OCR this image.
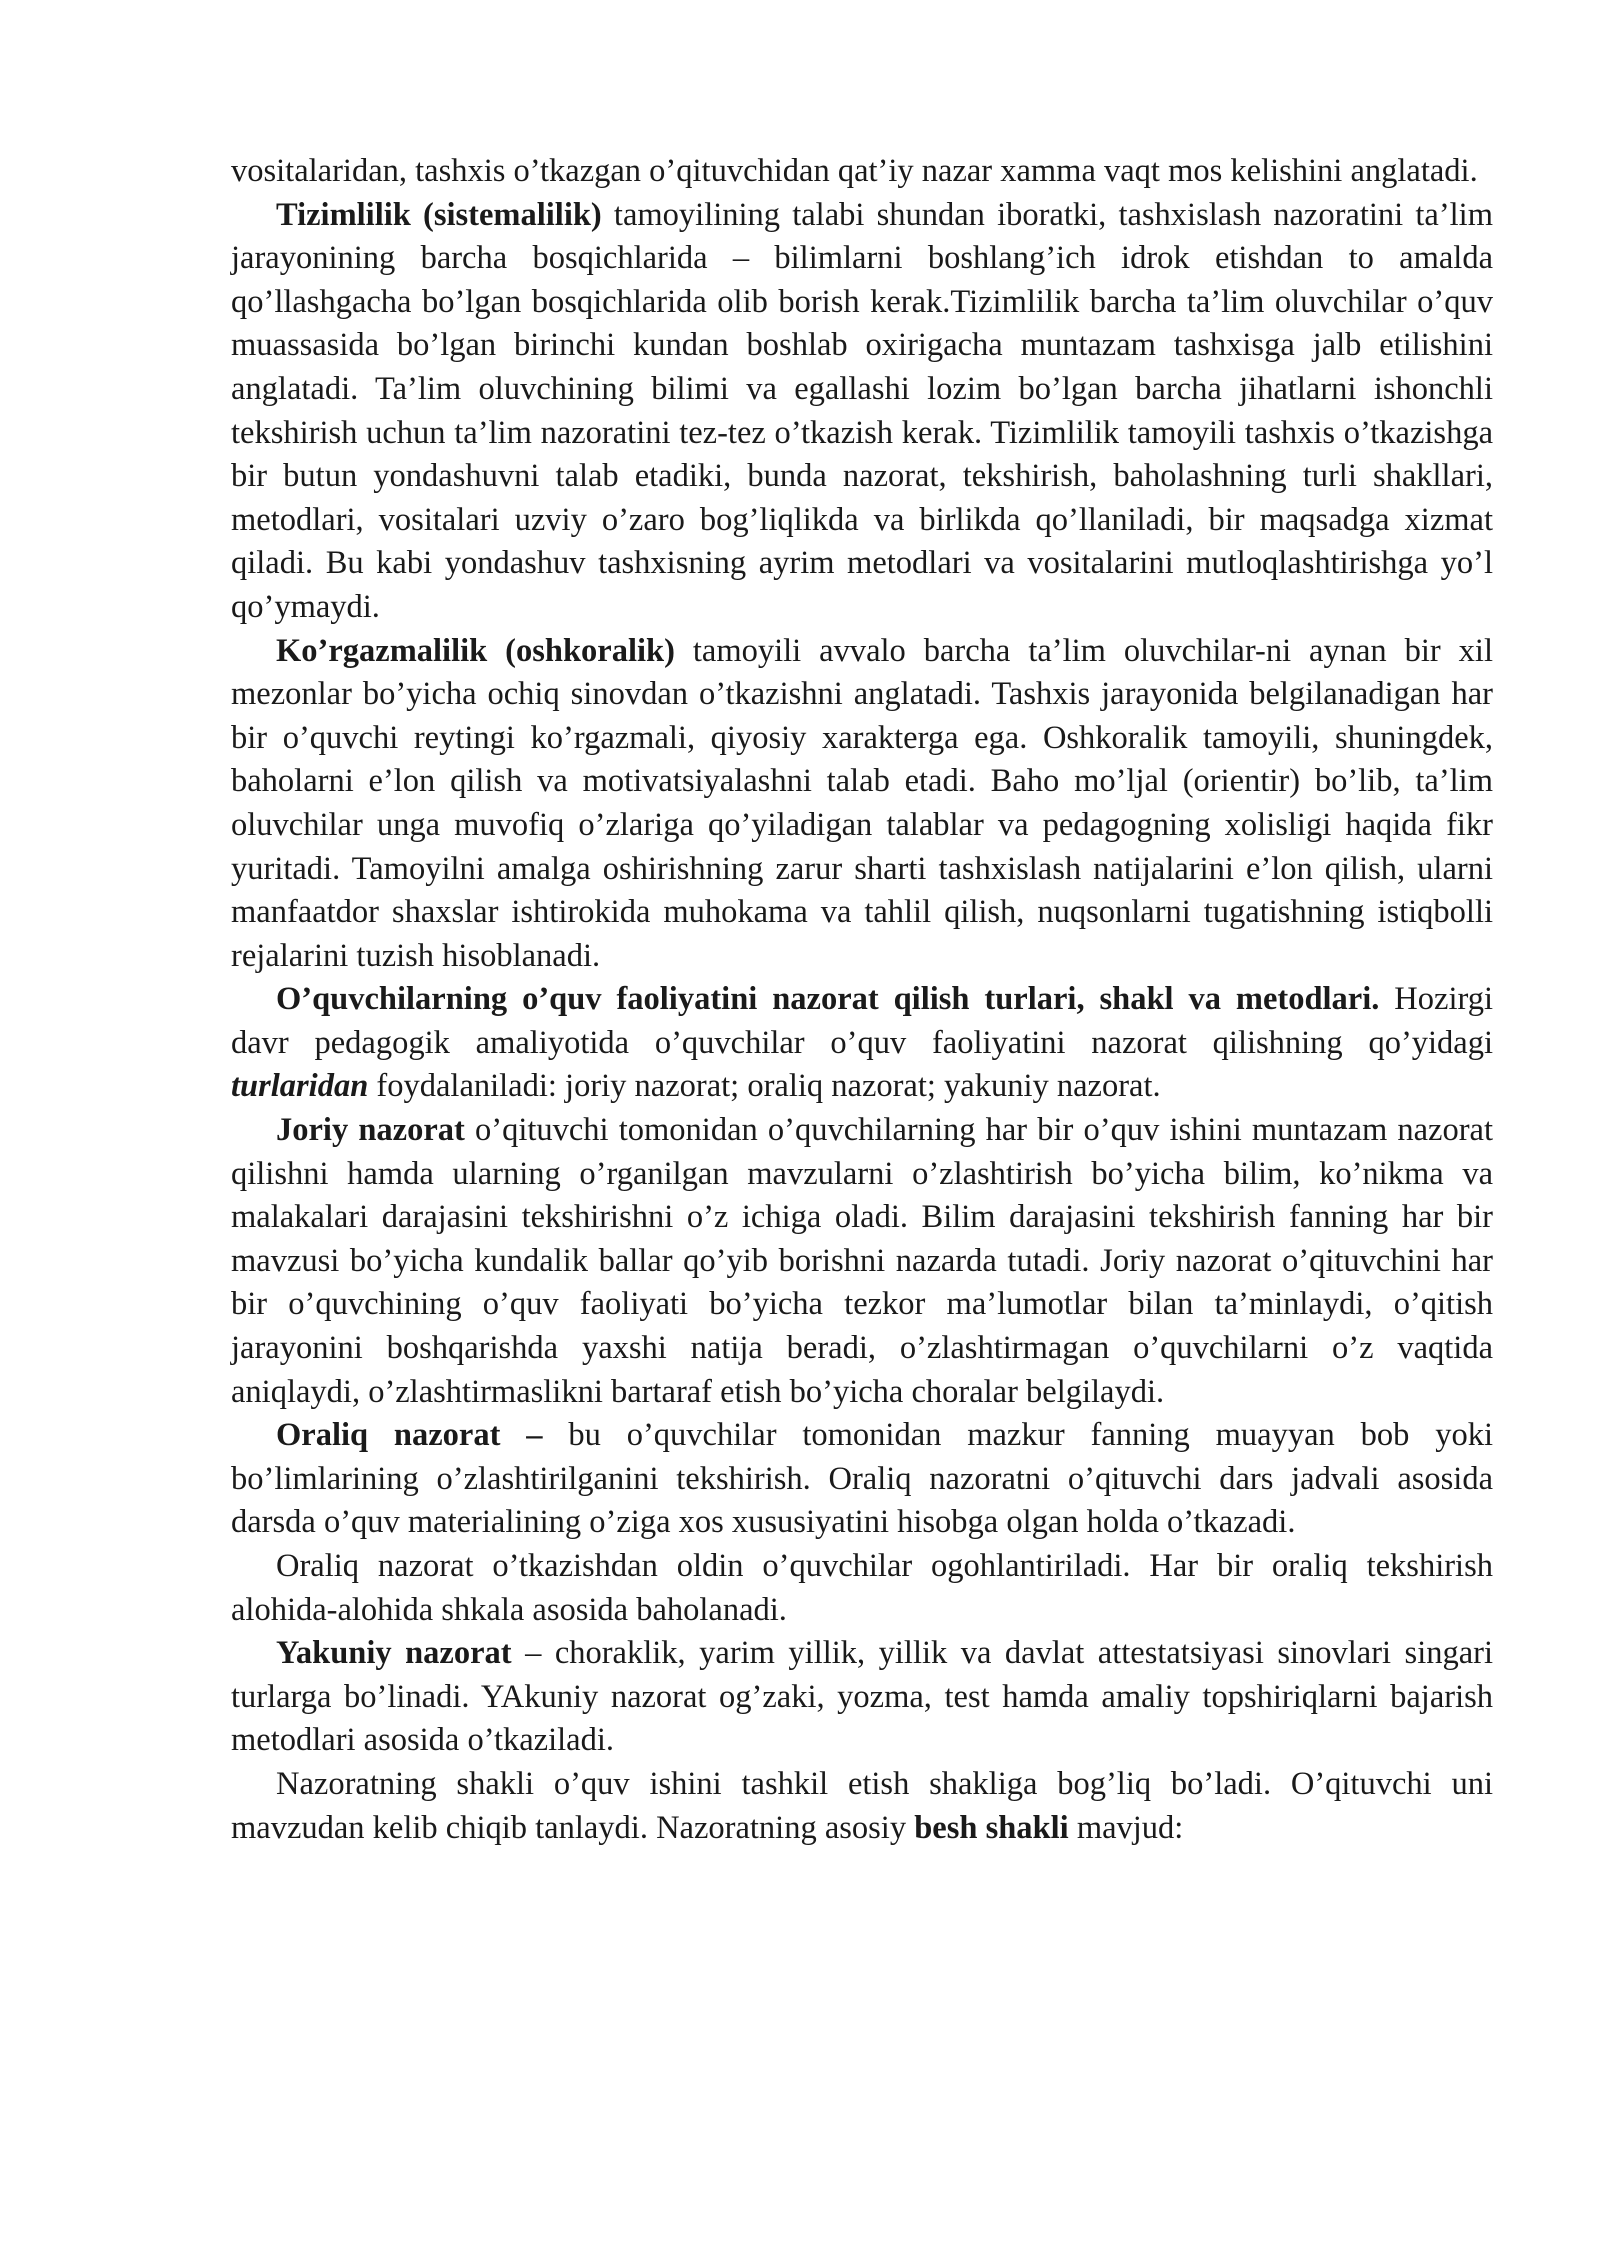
vositalaridan, tashxis o’tkazgan o’qituvchidan qat’iy nazar xamma vaqt mos kelishini anglatadi.

Tizimlilik (sistemalilik) tamoyilining talabi shundan iboratki, tashxislash nazoratini ta’lim jarayonining barcha bosqichlarida – bilimlarni boshlang’ich idrok etishdan to amalda qo’llashgacha bo’lgan bosqichlarida olib borish kerak.Tizimlilik barcha ta’lim oluvchilar o’quv muassasida bo’lgan birinchi kundan boshlab oxirigacha muntazam tashxisga jalb etilishini anglatadi. Ta’lim oluvchining bilimi va egallashi lozim bo’lgan barcha jihatlarni ishonchli tekshirish uchun ta’lim nazoratini tez-tez o’tkazish kerak. Tizimlilik tamoyili tashxis o’tkazishga bir butun yondashuvni talab etadiki, bunda nazorat, tekshirish, baholashning turli shakllari, metodlari, vositalari uzviy o’zaro bog’liqlikda va birlikda qo’llaniladi, bir maqsadga xizmat qiladi. Bu kabi yondashuv tashxisning ayrim metodlari va vositalarini mutloqlashtirishga yo’l qo’ymaydi.

Ko’rgazmalilik (oshkoralik) tamoyili avvalo barcha ta’lim oluvchilar-ni aynan bir xil mezonlar bo’yicha ochiq sinovdan o’tkazishni anglatadi. Tashxis jarayonida belgilanadigan har bir o’quvchi reytingi ko’rgazmali, qiyosiy xarakterga ega. Oshkoralik tamoyili, shuningdek, baholarni e’lon qilish va motivatsiyalashni talab etadi. Baho mo’ljal (orientir) bo’lib, ta’lim oluvchilar unga muvofiq o’zlariga qo’yiladigan talablar va pedagogning xolisligi haqida fikr yuritadi. Tamoyilni amalga oshirishning zarur sharti tashxislash natijalarini e’lon qilish, ularni manfaatdor shaxslar ishtirokida muhokama va tahlil qilish, nuqsonlarni tugatishning istiqbolli rejalarini tuzish hisoblanadi.

O’quvchilarning o’quv faoliyatini nazorat qilish turlari, shakl va metodlari. Hozirgi davr pedagogik amaliyotida o’quvchilar o’quv faoliyatini nazorat qilishning qo’yidagi turlaridan foydalaniladi: joriy nazorat; oraliq nazorat; yakuniy nazorat.

Joriy nazorat o’qituvchi tomonidan o’quvchilarning har bir o’quv ishini muntazam nazorat qilishni hamda ularning o’rganilgan mavzularni o’zlashtirish bo’yicha bilim, ko’nikma va malakalari darajasini tekshirishni o’z ichiga oladi. Bilim darajasini tekshirish fanning har bir mavzusi bo’yicha kundalik ballar qo’yib borishni nazarda tutadi. Joriy nazorat o’qituvchini har bir o’quvchining o’quv faoliyati bo’yicha tezkor ma’lumotlar bilan ta’minlaydi, o’qitish jarayonini boshqarishda yaxshi natija beradi, o’zlashtirmagan o’quvchilarni o’z vaqtida aniqlaydi, o’zlashtirmaslikni bartaraf etish bo’yicha choralar belgilaydi.

Oraliq nazorat – bu o’quvchilar tomonidan mazkur fanning muayyan bob yoki bo’limlarining o’zlashtirilganini tekshirish. Oraliq nazoratni o’qituvchi dars jadvali asosida darsda o’quv materialining o’ziga xos xususiyatini hisobga olgan holda o’tkazadi.

Oraliq nazorat o’tkazishdan oldin o’quvchilar ogohlantiriladi. Har bir oraliq tekshirish alohida-alohida shkala asosida baholanadi.

Yakuniy nazorat – choraklik, yarim yillik, yillik va davlat attestatsiyasi sinovlari singari turlarga bo’linadi. YAkuniy nazorat og’zaki, yozma, test hamda amaliy topshiriqlarni bajarish metodlari asosida o’tkaziladi.

Nazoratning shakli o’quv ishini tashkil etish shakliga bog’liq bo’ladi. O’qituvchi uni mavzudan kelib chiqib tanlaydi. Nazoratning asosiy besh shakli mavjud:
